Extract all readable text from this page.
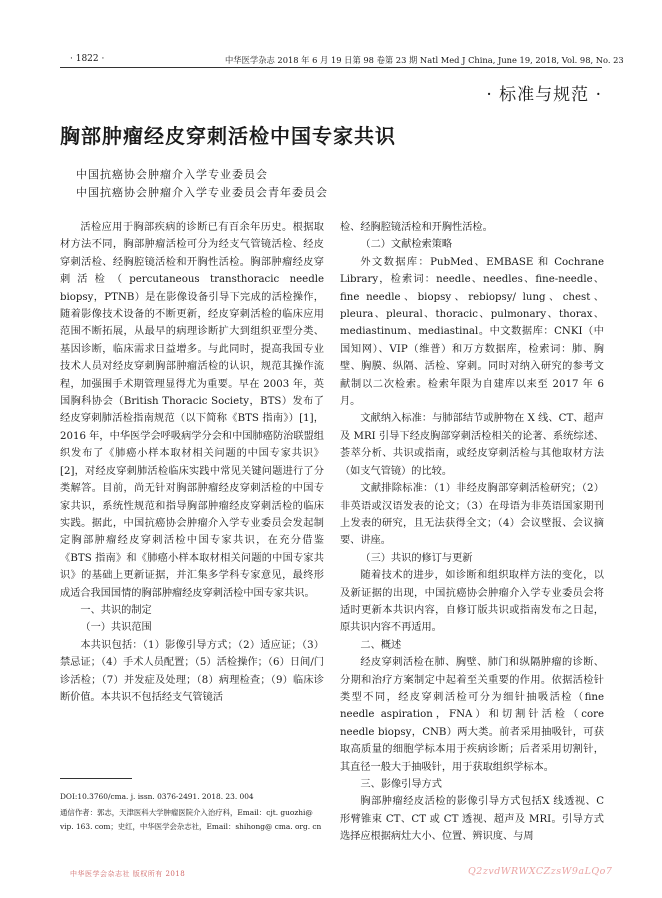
· 1822 ·	中华医学杂志 2018 年 6 月 19 日第 98 卷第 23 期 Natl Med J China, June 19, 2018, Vol. 98, No. 23
· 标准与规范 ·
胸部肿瘤经皮穿刺活检中国专家共识
中国抗癌协会肿瘤介入学专业委员会
中国抗癌协会肿瘤介入学专业委员会青年委员会

活检应用于胸部疾病的诊断已有百余年历史。根据取材方法不同，胸部肿瘤活检可分为经支气管镜活检、经皮穿刺活检、经胸腔镜活检和开胸性活检。胸部肿瘤经皮穿刺活检（percutaneous transthoracic needle biopsy，PTNB）是在影像设备引导下完成的活检操作，随着影像技术设备的不断更新，经皮穿刺活检的临床应用范围不断拓展，从最早的病理诊断扩大到组织亚型分类、基因诊断，临床需求日益增多。与此同时，提高我国专业技术人员对经皮穿刺胸部肿瘤活检的认识，规范其操作流程，加强围手术期管理显得尤为重要。早在 2003 年，英国胸科协会（British Thoracic Society，BTS）发布了经皮穿刺肺活检指南规范（以下简称《BTS 指南》）[1]，2016 年，中华医学会呼吸病学分会和中国肺癌防治联盟组织发布了《肺癌小样本取材相关问题的中国专家共识》[2]，对经皮穿刺肺活检临床实践中常见关键问题进行了分类解答。目前，尚无针对胸部肿瘤经皮穿刺活检的中国专家共识，系统性规范和指导胸部肿瘤经皮穿刺活检的临床实践。据此，中国抗癌协会肿瘤介入学专业委员会发起制定胸部肿瘤经皮穿刺活检中国专家共识，在充分借鉴《BTS 指南》和《肺癌小样本取材相关问题的中国专家共识》的基础上更新证据，并汇集多学科专家意见，最终形成适合我国国情的胸部肿瘤经皮穿刺活检中国专家共识。

一、共识的制定

（一）共识范围

本共识包括：（1）影像引导方式；（2）适应证；（3）禁忌证；（4）手术人员配置；（5）活检操作；（6）日间/门诊活检；（7）并发症及处理；（8）病理检查；（9）临床诊断价值。本共识不包括经支气管镜活

检、经胸腔镜活检和开胸性活检。

（二）文献检索策略

外文数据库：PubMed、EMBASE 和 Cochrane Library，检索词：needle、needles、fine-needle、fine needle、biopsy、rebiopsy/ lung、chest、pleura、pleural、thoracic、pulmonary、thorax、mediastinum、mediastinal。中文数据库：CNKI（中国知网）、VIP（维普）和万方数据库，检索词：肺、胸壁、胸膜、纵隔、活检、穿刺。同时对纳入研究的参考文献制以二次检索。检索年限为自建库以来至 2017 年 6 月。

文献纳入标准：与肺部结节或肿物在 X 线、CT、超声及 MRI 引导下经皮胸部穿刺活检相关的论著、系统综述、荟萃分析、共识或指南，或经皮穿刺活检与其他取材方法（如支气管镜）的比较。

文献排除标准：（1）非经皮胸部穿刺活检研究；（2）非英语或汉语发表的论文；（3）在母语为非英语国家期刊上发表的研究，且无法获得全文；（4）会议壁报、会议摘要、讲座。

（三）共识的修订与更新

随着技术的进步，如诊断和组织取样方法的变化，以及新证据的出现，中国抗癌协会肿瘤介入学专业委员会将适时更新本共识内容，自修订版共识或指南发布之日起，原共识内容不再适用。

二、概述

经皮穿刺活检在肺、胸壁、肺门和纵隔肿瘤的诊断、分期和治疗方案制定中起着至关重要的作用。依据活检针类型不同，经皮穿刺活检可分为细针抽吸活检（fine needle aspiration，FNA）和切割针活检（core needle biopsy，CNB）两大类。前者采用抽吸针，可获取高质量的细胞学标本用于疾病诊断；后者采用切割针，其直径一般大于抽吸针，用于获取组织学标本。

三、影像引导方式

胸部肿瘤经皮活检的影像引导方式包括X 线透视、C 形臂锥束 CT、CT 或 CT 透视、超声及 MRI。引导方式选择应根据病灶大小、位置、辨识度、与周

DOI:10.3760/cma. j. issn. 0376-2491. 2018. 23. 004
通信作者：郭志，天津医科大学肿瘤医院介入治疗科，Email：cjt. guozhi@ vip. 163. com；史红，中华医学会杂志社，Email：shihong@ cma. org. cn
中华医学会杂志社 版权所有 2018	Q2zvdWRWXCZzsW9aLQo7
